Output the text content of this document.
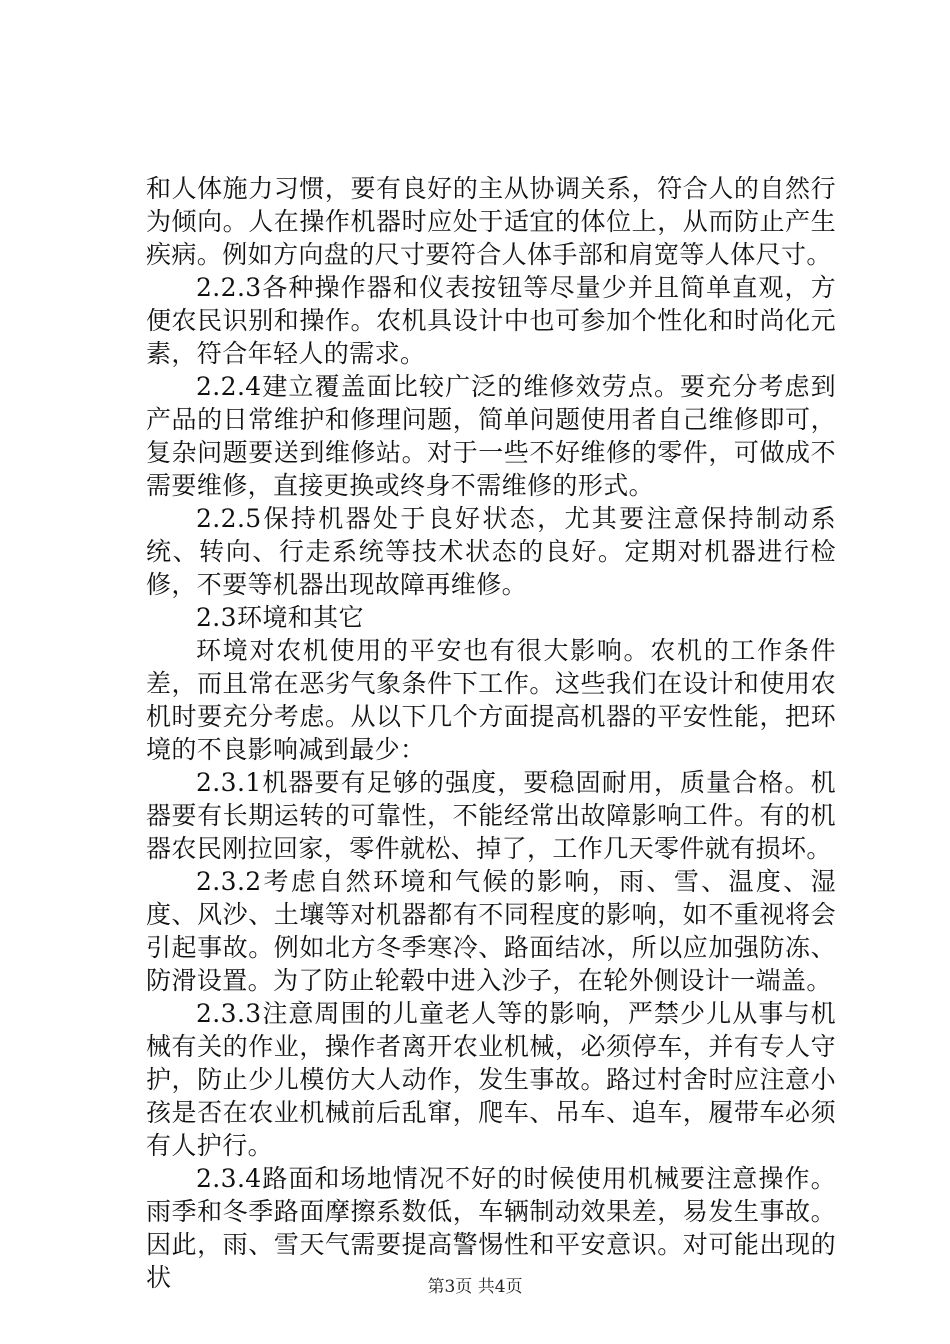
和人体施力习惯，要有良好的主从协调关系，符合人的自然行为倾向。人在操作机器时应处于适宜的体位上，从而防止产生疾病。例如方向盘的尺寸要符合人体手部和肩宽等人体尺寸。

2.2.3各种操作器和仪表按钮等尽量少并且简单直观，方便农民识别和操作。农机具设计中也可参加个性化和时尚化元素，符合年轻人的需求。

2.2.4建立覆盖面比较广泛的维修效劳点。要充分考虑到产品的日常维护和修理问题，简单问题使用者自己维修即可，复杂问题要送到维修站。对于一些不好维修的零件，可做成不需要维修，直接更换或终身不需维修的形式。

2.2.5保持机器处于良好状态，尤其要注意保持制动系统、转向、行走系统等技术状态的良好。定期对机器进行检修，不要等机器出现故障再维修。

2.3环境和其它

环境对农机使用的平安也有很大影响。农机的工作条件差，而且常在恶劣气象条件下工作。这些我们在设计和使用农机时要充分考虑。从以下几个方面提高机器的平安性能，把环境的不良影响减到最少：

2.3.1机器要有足够的强度，要稳固耐用，质量合格。机器要有长期运转的可靠性，不能经常出故障影响工件。有的机器农民刚拉回家，零件就松、掉了，工作几天零件就有损坏。

2.3.2考虑自然环境和气候的影响，雨、雪、温度、湿度、风沙、土壤等对机器都有不同程度的影响，如不重视将会引起事故。例如北方冬季寒冷、路面结冰，所以应加强防冻、防滑设置。为了防止轮毂中进入沙子，在轮外侧设计一端盖。

2.3.3注意周围的儿童老人等的影响，严禁少儿从事与机械有关的作业，操作者离开农业机械，必须停车，并有专人守护，防止少儿模仿大人动作，发生事故。路过村舍时应注意小孩是否在农业机械前后乱窜，爬车、吊车、追车，履带车必须有人护行。

2.3.4路面和场地情况不好的时候使用机械要注意操作。雨季和冬季路面摩擦系数低，车辆制动效果差，易发生事故。因此，雨、雪天气需要提高警惕性和平安意识。对可能出现的状	第3页 共4页
